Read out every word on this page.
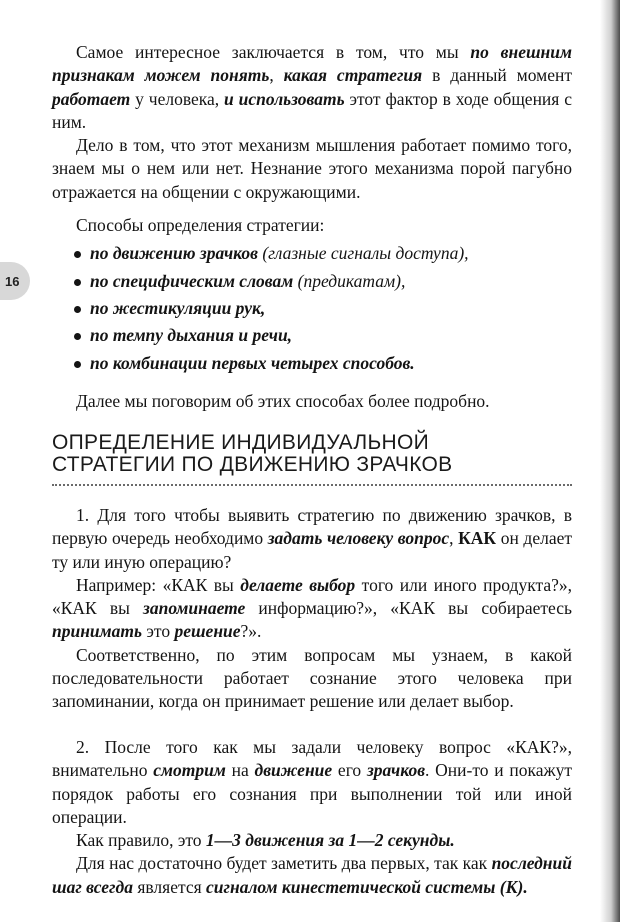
16

Самое интересное заключается в том, что мы по внешним признакам можем понять, какая стратегия в данный момент работает у человека, и использовать этот фактор в ходе общения с ним.

Дело в том, что этот механизм мышления работает помимо того, знаем мы о нем или нет. Незнание этого механизма порой пагубно отражается на общении с окружающими.

Способы определения стратегии:

по движению зрачков (глазные сигналы доступа),
по специфическим словам (предикатам),
по жестикуляции рук,
по темпу дыхания и речи,
по комбинации первых четырех способов.

Далее мы поговорим об этих способах более подробно.

ОПРЕДЕЛЕНИЕ ИНДИВИДУАЛЬНОЙ
СТРАТЕГИИ ПО ДВИЖЕНИЮ ЗРАЧКОВ

1. Для того чтобы выявить стратегию по движению зрачков, в первую очередь необходимо задать человеку вопрос, КАК он делает ту или иную операцию?

Например: «КАК вы делаете выбор того или иного продукта?», «КАК вы запоминаете информацию?», «КАК вы собираетесь принимать это решение?».

Соответственно, по этим вопросам мы узнаем, в какой последовательности работает сознание этого человека при запоминании, когда он принимает решение или делает выбор.

2. После того как мы задали человеку вопрос «КАК?», внимательно смотрим на движение его зрачков. Они-то и покажут порядок работы его сознания при выполнении той или иной операции.

Как правило, это 1—3 движения за 1—2 секунды.

Для нас достаточно будет заметить два первых, так как последний шаг всегда является сигналом кинестетической системы (К).
